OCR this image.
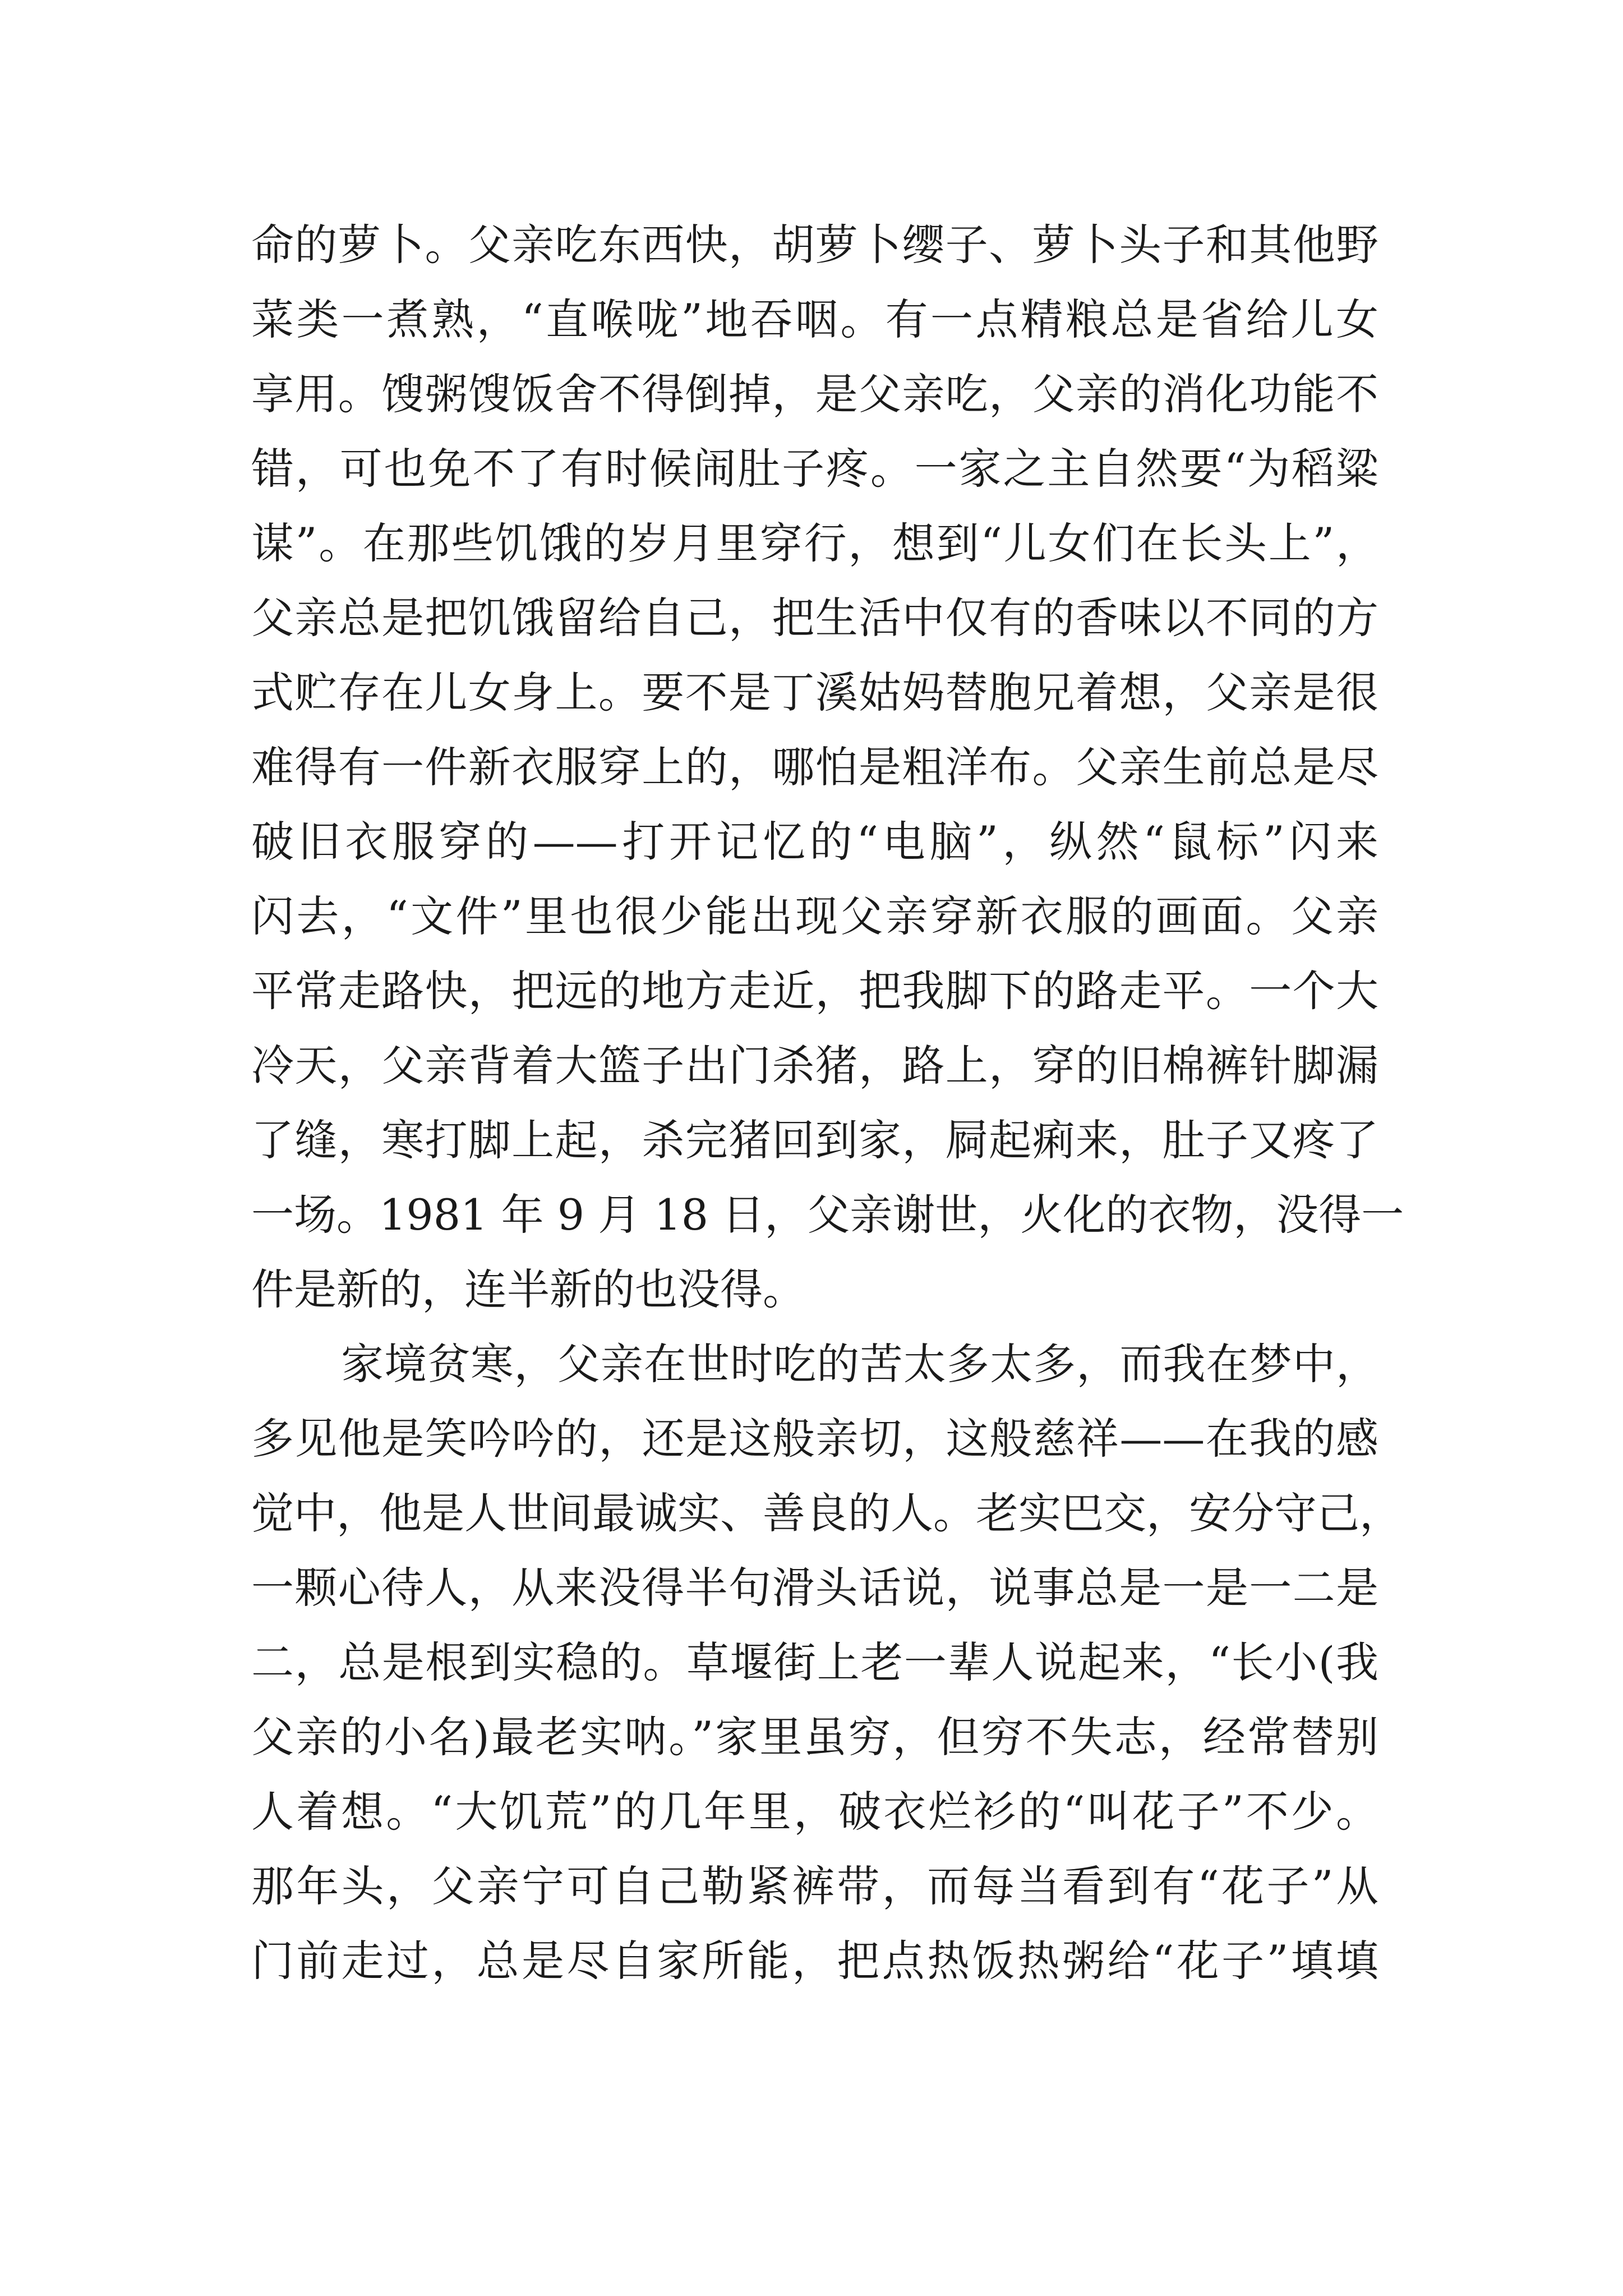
命的萝卜。父亲吃东西快，胡萝卜缨子、萝卜头子和其他野
菜类一煮熟，“直喉咙”地吞咽。有一点精粮总是省给儿女
享用。馊粥馊饭舍不得倒掉，是父亲吃，父亲的消化功能不
错，可也免不了有时候闹肚子疼。一家之主自然要“为稻粱
谋”。在那些饥饿的岁月里穿行，想到“儿女们在长头上”，
父亲总是把饥饿留给自己，把生活中仅有的香味以不同的方
式贮存在儿女身上。要不是丁溪姑妈替胞兄着想，父亲是很
难得有一件新衣服穿上的，哪怕是粗洋布。父亲生前总是尽
破旧衣服穿的——打开记忆的“电脑”，纵然“鼠标”闪来
闪去，“文件”里也很少能出现父亲穿新衣服的画面。父亲
平常走路快，把远的地方走近，把我脚下的路走平。一个大
冷天，父亲背着大篮子出门杀猪，路上，穿的旧棉裤针脚漏
了缝，寒打脚上起，杀完猪回到家，屙起痢来，肚子又疼了
一场。1981 年 9 月 18 日，父亲谢世，火化的衣物，没得一
件是新的，连半新的也没得。
家境贫寒，父亲在世时吃的苦太多太多，而我在梦中，
多见他是笑吟吟的，还是这般亲切，这般慈祥——在我的感
觉中，他是人世间最诚实、善良的人。老实巴交，安分守己，
一颗心待人，从来没得半句滑头话说，说事总是一是一二是
二，总是根到实稳的。草堰街上老一辈人说起来，“长小(我
父亲的小名)最老实呐。”家里虽穷，但穷不失志，经常替别
人着想。“大饥荒”的几年里，破衣烂衫的“叫花子”不少。
那年头，父亲宁可自己勒紧裤带，而每当看到有“花子”从
门前走过，总是尽自家所能，把点热饭热粥给“花子”填填
